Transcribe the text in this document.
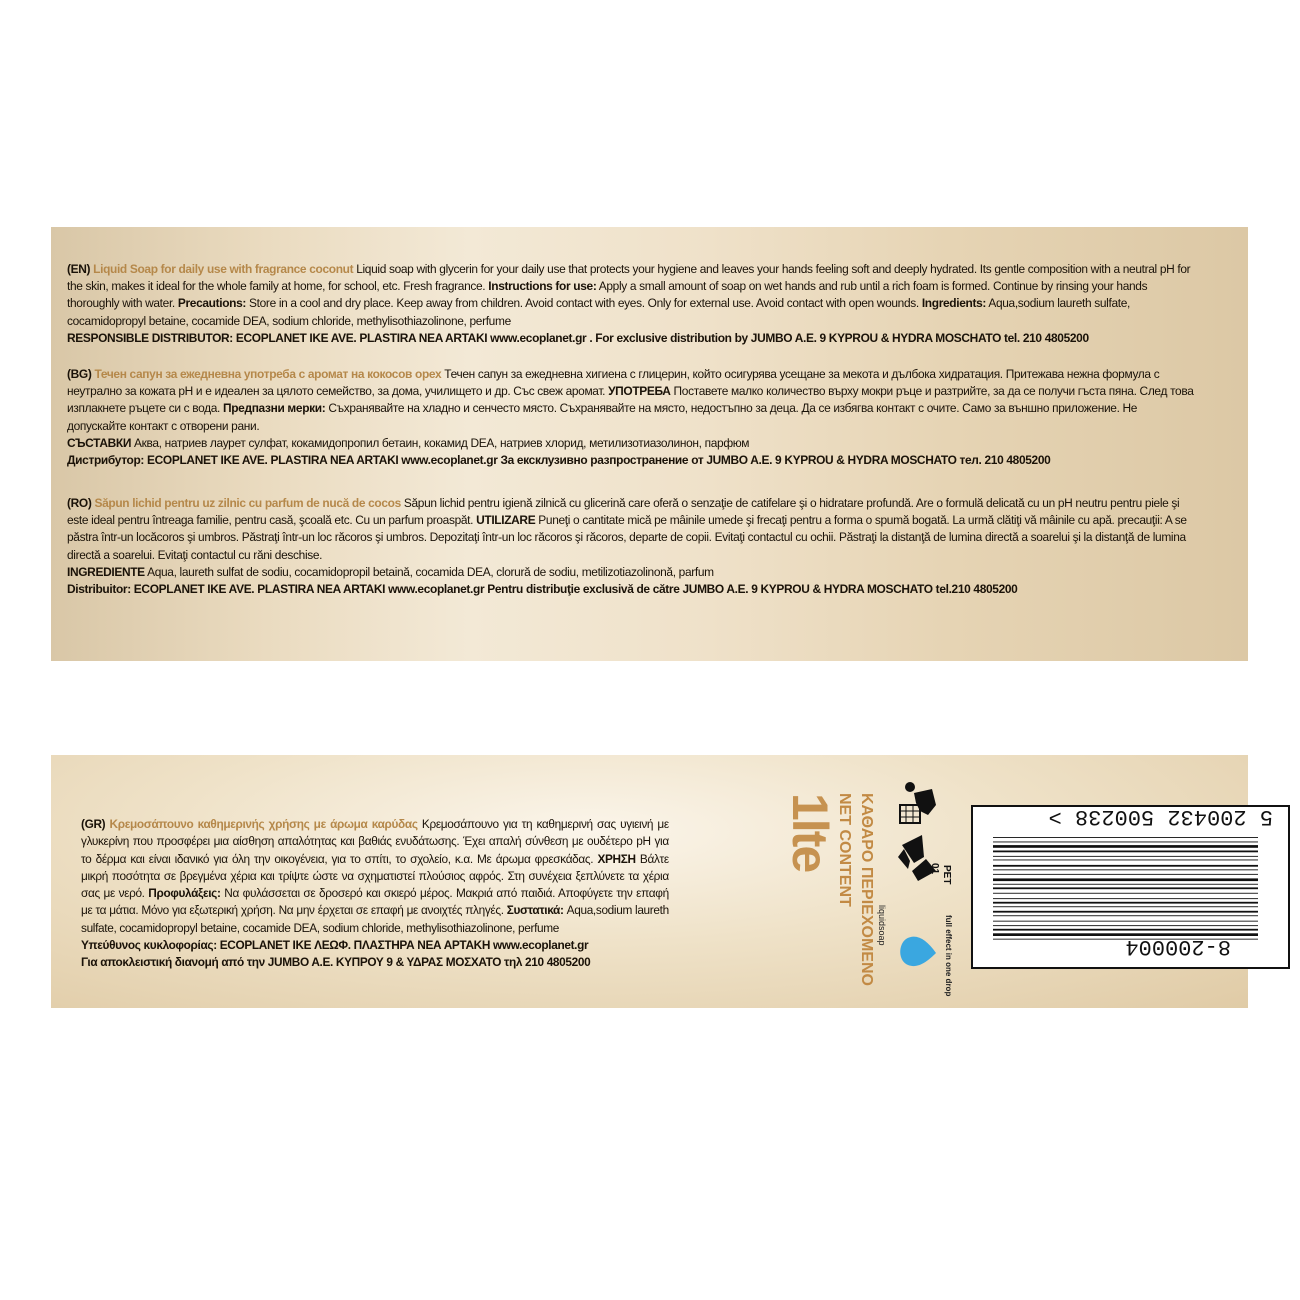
(EN) Liquid Soap for daily use with fragrance coconut Liquid soap with glycerin for your daily use that protects your hygiene and leaves your hands feeling soft and deeply hydrated. Its gentle composition with a neutral pH for the skin, makes it ideal for the whole family at home, for school, etc. Fresh fragrance. Instructions for use: Apply a small amount of soap on wet hands and rub until a rich foam is formed. Continue by rinsing your hands thoroughly with water. Precautions: Store in a cool and dry place. Keep away from children. Avoid contact with eyes. Only for external use. Avoid contact with open wounds. Ingredients: Aqua,sodium laureth sulfate, cocamidopropyl betaine, cocamide DEA, sodium chloride, methylisothiazolinone, perfume
RESPONSIBLE DISTRIBUTOR: ECOPLANET IKE AVE. PLASTIRA NEA ARTAKI www.ecoplanet.gr . For exclusive distribution by JUMBO A.E. 9 KYPROU & HYDRA MOSCHATO tel. 210 4805200
(BG) Течен сапун за ежедневна употреба с аромат на кокосов орех Течен сапун за ежедневна хигиена с глицерин, който осигурява усещане за мекота и дълбока хидратация. Притежава нежна формула с неутрално за кожата pH и е идеален за цялото семейство, за дома, училището и др. Със свеж аромат. УПОТРЕБА Поставете малко количество върху мокри ръце и разтрийте, за да се получи гъста пяна. След това изплакнете ръцете си с вода. Предпазни мерки: Съхранявайте на хладно и сенчесто място. Съхранявайте на място, недостъпно за деца. Да се избягва контакт с очите. Само за външно приложение. Не допускайте контакт с отворени рани.
СЪСТАВКИ Аква, натриев лаурет сулфат, кокамидопропил бетаин, кокамид DEA, натриев хлорид, метилизотиазолинон, парфюм
Дистрибутор: ECOPLANET IKE AVE. PLASTIRA NEA ARTAKI www.ecoplanet.gr За ексклузивно разпространение от JUMBO A.E. 9 KYPROU & HYDRA MOSCHATO тел. 210 4805200
(RO) Săpun lichid pentru uz zilnic cu parfum de nucă de cocos Săpun lichid pentru igienă zilnică cu glicerină care oferă o senzaţie de catifelare şi o hidratare profundă. Are o formulă delicată cu un pH neutru pentru piele şi este ideal pentru întreaga familie, pentru casă, şcoală etc. Cu un parfum proaspăt. UTILIZARE Puneţi o cantitate mică pe mâinile umede şi frecaţi pentru a forma o spumă bogată. La urmă clătiţi vă mâinile cu apă. precauţii: A se păstra într-un locăcoros şi umbros. Păstraţi într-un loc răcoros şi umbros. Depozitaţi într-un loc răcoros şi răcoros, departe de copii. Evitaţi contactul cu ochii. Păstraţi la distanţă de lumina directă a soarelui şi la distanţă de lumina directă a soarelui. Evitaţi contactul cu răni deschise.
INGREDIENTE Aqua, laureth sulfat de sodiu, cocamidopropil betaină, cocamida DEA, clorură de sodiu, metilizotiazolinonă, parfum
Distribuitor: ECOPLANET IKE AVE. PLASTIRA NEA ARTAKI www.ecoplanet.gr Pentru distribuţie exclusivă de către JUMBO A.E. 9 KYPROU & HYDRA MOSCHATO tel.210 4805200
(GR) Κρεμοσάπουνο καθημερινής χρήσης με άρωμα καρύδας Κρεμοσάπουνο για τη καθημερινή σας υγιεινή με γλυκερίνη που προσφέρει μια αίσθηση απαλότητας και βαθιάς ενυδάτωσης. Έχει απαλή σύνθεση με ουδέτερο pH για το δέρμα και είναι ιδανικό για όλη την οικογένεια, για το σπίτι, το σχολείο, κ.α. Με άρωμα φρεσκάδας. ΧΡΗΣΗ Βάλτε μικρή ποσότητα σε βρεγμένα χέρια και τρίψτε ώστε να σχηματιστεί πλούσιος αφρός. Στη συνέχεια ξεπλύνετε τα χέρια σας με νερό. Προφυλάξεις: Να φυλάσσεται σε δροσερό και σκιερό μέρος. Μακριά από παιδιά. Αποφύγετε την επαφή με τα μάτια. Μόνο για εξωτερική χρήση. Να μην έρχεται σε επαφή με ανοιχτές πληγές. Συστατικά: Aqua,sodium laureth sulfate, cocamidopropyl betaine, cocamide DEA, sodium chloride, methylisothiazolinone, perfume
Υπεύθυνος κυκλοφορίας: ECOPLANET IKE ΛΕΩΦ. ΠΛΑΣΤΗΡΑ ΝΕΑ ΑΡΤΑΚΗ www.ecoplanet.gr
Για αποκλειστική διανομή από την JUMBO A.E. ΚΥΠΡΟΥ 9 & ΥΔΡΑΣ ΜΟΣΧΑΤΟ τηλ 210 4805200	ΚΑΘΑΡΟ ΠΕΡΙΕΧΟΜΕΝΟ
NET CONTENT
1lte	01 PET
liquidsoap	full effect in one drop
5 200432 500238 >
8-200004
